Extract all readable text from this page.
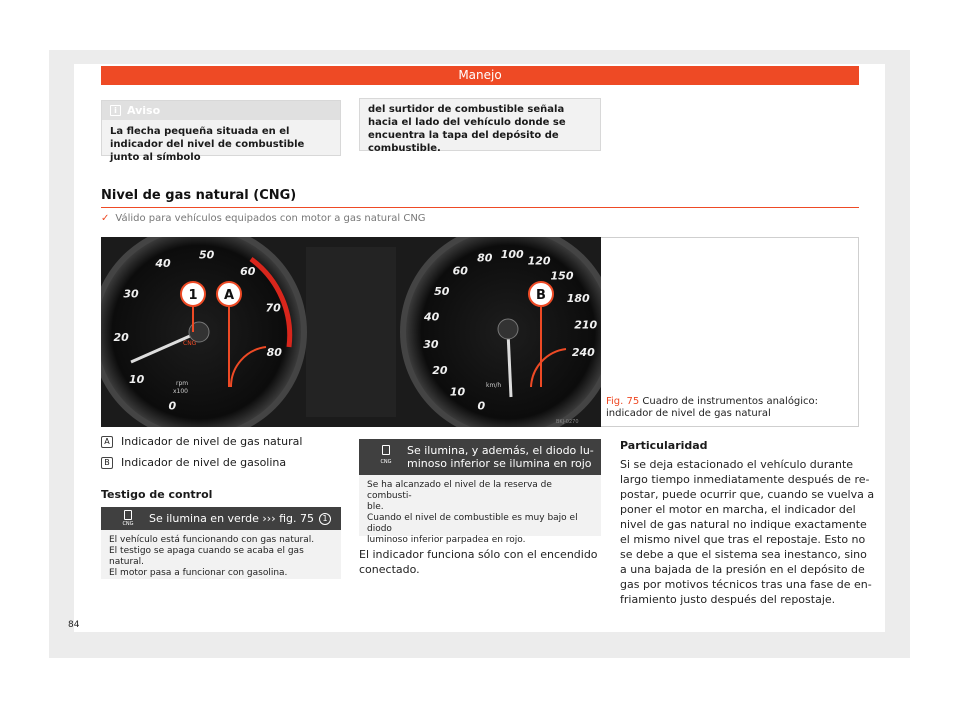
Manejo
i Aviso
La flecha pequeña situada en el indicador del nivel de combustible junto al símbolo
del surtidor de combustible señala hacia el lado del vehículo donde se encuentra la tapa del depósito de combustible.
Nivel de gas natural (CNG)
✓ Válido para vehículos equipados con motor a gas natural CNG
1 A	B
0
10
20
30
40
50
60
70
80
0
10
20
30
40
50
60
80 100 120
150
180
210
240
CNG
rpm
x100
km/h
BKJ-0270
Fig. 75 Cuadro de instrumentos analógico: indicador de nivel de gas natural
A Indicador de nivel de gas natural
B Indicador de nivel de gasolina
Testigo de control
CNG Se ilumina en verde ››› fig. 75	1
El vehículo está funcionando con gas natural.
El testigo se apaga cuando se acaba el gas natural.
El motor pasa a funcionar con gasolina.
CNG
Se ilumina, y además, el diodo lu-
minoso inferior se ilumina en rojo
Se ha alcanzado el nivel de la reserva de combusti-
ble.
Cuando el nivel de combustible es muy bajo el diodo
luminoso inferior parpadea en rojo.
El indicador funciona sólo con el encendido
conectado.
Particularidad
Si se deja estacionado el vehículo durante
largo tiempo inmediatamente después de re-
postar, puede ocurrir que, cuando se vuelva a
poner el motor en marcha, el indicador del
nivel de gas natural no indique exactamente
el mismo nivel que tras el repostaje. Esto no
se debe a que el sistema sea inestanco, sino
a una bajada de la presión en el depósito de
gas por motivos técnicos tras una fase de en-
friamiento justo después del repostaje.
84
